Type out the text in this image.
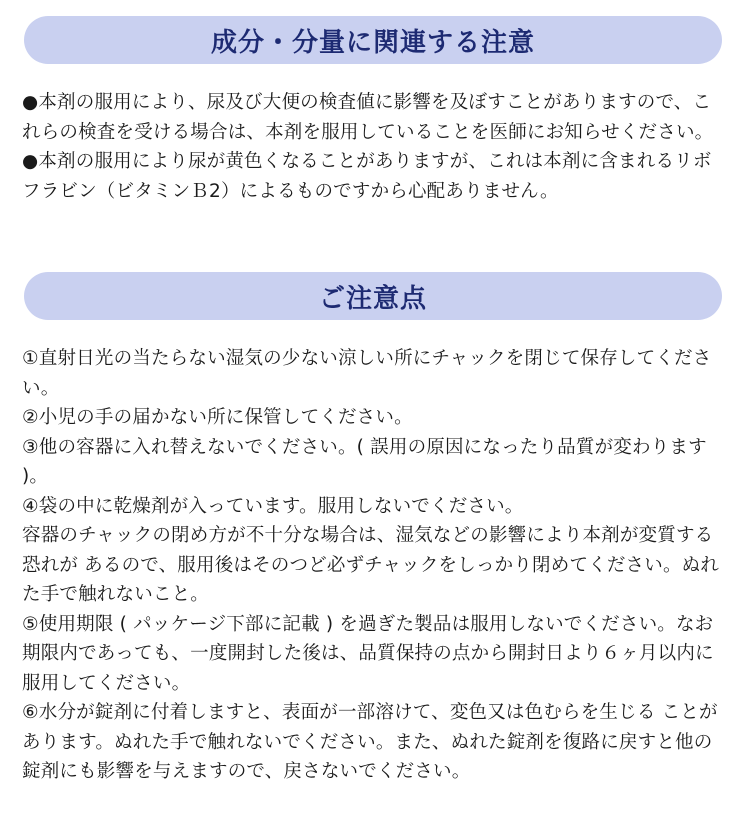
成分・分量に関連する注意

●本剤の服用により、尿及び大便の検査値に影響を及ぼすことがありますので、これらの検査を受ける場合は、本剤を服用していることを医師にお知らせください。

●本剤の服用により尿が黄色くなることがありますが、これは本剤に含まれるリボフラビン（ビタミンＢ2）によるものですから心配ありません。

ご注意点

①直射日光の当たらない湿気の少ない涼しい所にチャックを閉じて保存してください。

②小児の手の届かない所に保管してください。

③他の容器に入れ替えないでください。( 誤用の原因になったり品質が変わります )。

④袋の中に乾燥剤が入っています。服用しないでください。

容器のチャックの閉め方が不十分な場合は、湿気などの影響により本剤が変質する恐れが あるので、服用後はそのつど必ずチャックをしっかり閉めてください。ぬれた手で触れないこと。

⑤使用期限 ( パッケージ下部に記載 ) を過ぎた製品は服用しないでください。なお期限内であっても、一度開封した後は、品質保持の点から開封日より６ヶ月以内に服用してください。

⑥水分が錠剤に付着しますと、表面が一部溶けて、変色又は色むらを生じる ことがあります。ぬれた手で触れないでください。また、ぬれた錠剤を復路に戻すと他の錠剤にも影響を与えますので、戻さないでください。
